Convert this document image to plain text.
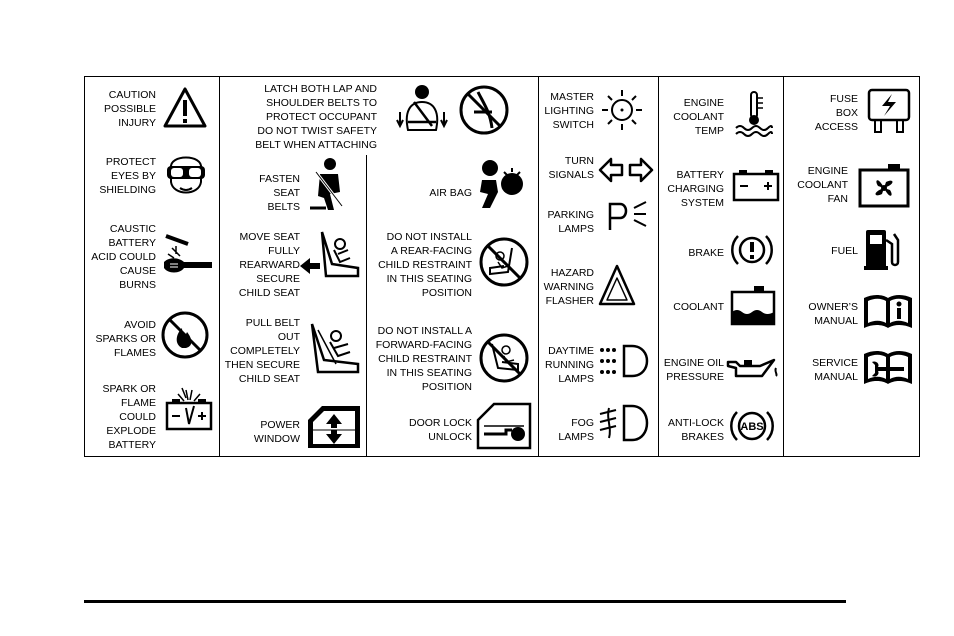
CAUTION
POSSIBLE
INJURY
PROTECT
EYES BY
SHIELDING
CAUSTIC
BATTERY
ACID COULD
CAUSE
BURNS
AVOID
SPARKS OR
FLAMES
SPARK OR
FLAME
COULD
EXPLODE
BATTERY
LATCH BOTH LAP AND
SHOULDER BELTS TO
PROTECT OCCUPANT
DO NOT TWIST SAFETY
BELT WHEN ATTACHING
FASTEN
SEAT
BELTS
MOVE SEAT
FULLY
REARWARD
SECURE
CHILD SEAT
PULL BELT
OUT
COMPLETELY
THEN SECURE
CHILD SEAT
POWER
WINDOW
AIR BAG
DO NOT INSTALL
A REAR-FACING
CHILD RESTRAINT
IN THIS SEATING
POSITION
DO NOT INSTALL A
FORWARD-FACING
CHILD RESTRAINT
IN THIS SEATING
POSITION
DOOR LOCK
UNLOCK
MASTER
LIGHTING
SWITCH
TURN
SIGNALS
PARKING
LAMPS
HAZARD
WARNING
FLASHER
DAYTIME
RUNNING
LAMPS
FOG
LAMPS
ENGINE
COOLANT
TEMP
BATTERY
CHARGING
SYSTEM
BRAKE
COOLANT
ENGINE OIL
PRESSURE
ANTI-LOCK
BRAKES
ABS
FUSE
BOX
ACCESS
ENGINE
COOLANT
FAN
FUEL
OWNER’S
MANUAL
SERVICE
MANUAL
